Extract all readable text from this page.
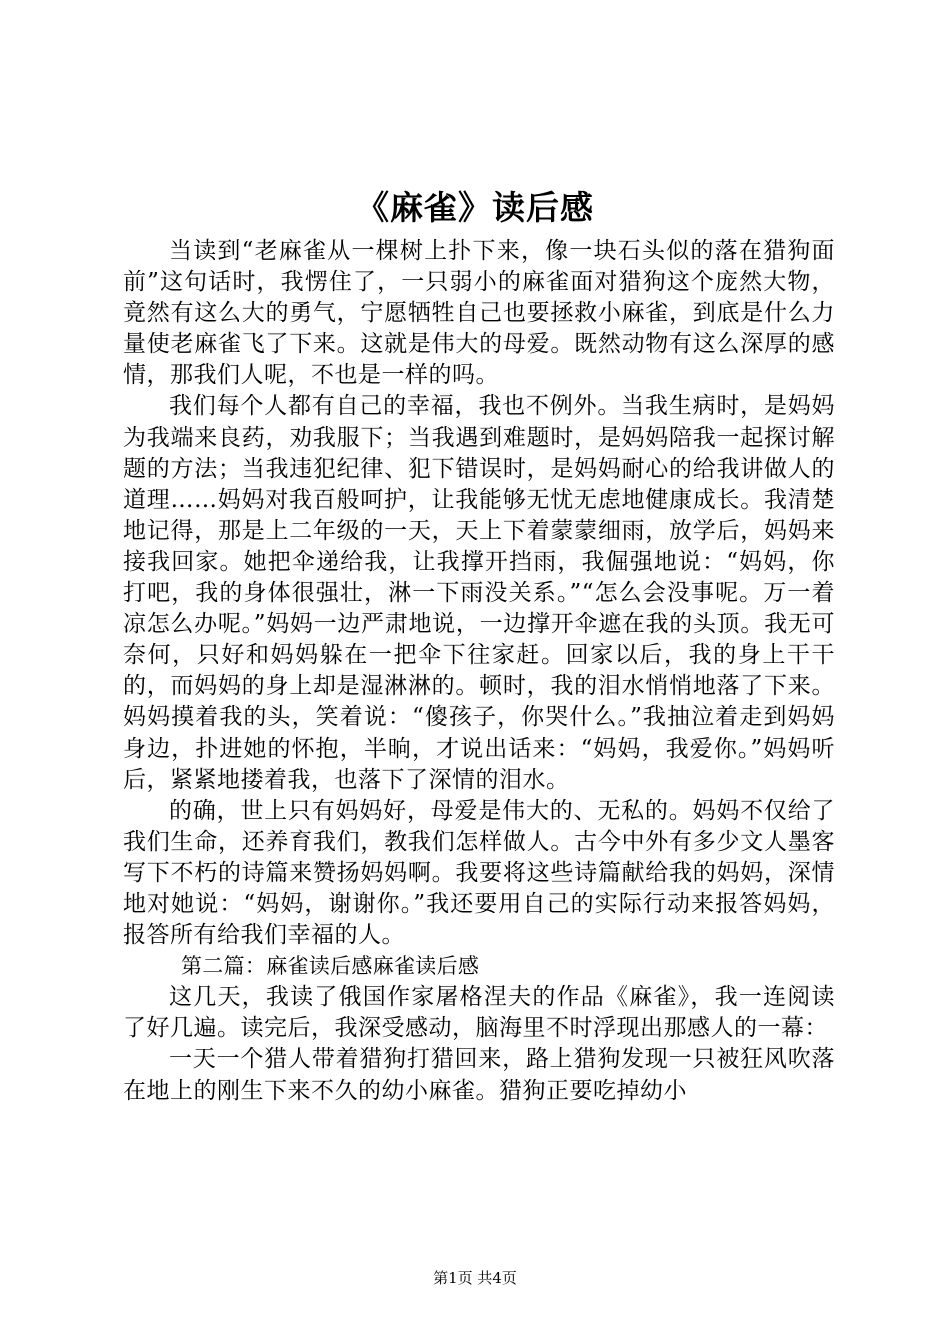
《麻雀》读后感

当读到“老麻雀从一棵树上扑下来，像一块石头似的落在猎狗面前”这句话时，我愣住了，一只弱小的麻雀面对猎狗这个庞然大物，竟然有这么大的勇气，宁愿牺牲自己也要拯救小麻雀，到底是什么力量使老麻雀飞了下来。这就是伟大的母爱。既然动物有这么深厚的感情，那我们人呢，不也是一样的吗。

我们每个人都有自己的幸福，我也不例外。当我生病时，是妈妈为我端来良药，劝我服下；当我遇到难题时，是妈妈陪我一起探讨解题的方法；当我违犯纪律、犯下错误时，是妈妈耐心的给我讲做人的道理……妈妈对我百般呵护，让我能够无忧无虑地健康成长。我清楚地记得，那是上二年级的一天，天上下着蒙蒙细雨，放学后，妈妈来接我回家。她把伞递给我，让我撑开挡雨，我倔强地说：“妈妈，你打吧，我的身体很强壮，淋一下雨没关系。”“怎么会没事呢。万一着凉怎么办呢。”妈妈一边严肃地说，一边撑开伞遮在我的头顶。我无可奈何，只好和妈妈躲在一把伞下往家赶。回家以后，我的身上干干的，而妈妈的身上却是湿淋淋的。顿时，我的泪水悄悄地落了下来。妈妈摸着我的头，笑着说：“傻孩子，你哭什么。”我抽泣着走到妈妈身边，扑进她的怀抱，半晌，才说出话来：“妈妈，我爱你。”妈妈听后，紧紧地搂着我，也落下了深情的泪水。

的确，世上只有妈妈好，母爱是伟大的、无私的。妈妈不仅给了我们生命，还养育我们，教我们怎样做人。古今中外有多少文人墨客写下不朽的诗篇来赞扬妈妈啊。我要将这些诗篇献给我的妈妈，深情地对她说：“妈妈，谢谢你。”我还要用自己的实际行动来报答妈妈，报答所有给我们幸福的人。

第二篇：麻雀读后感麻雀读后感

这几天，我读了俄国作家屠格涅夫的作品《麻雀》，我一连阅读了好几遍。读完后，我深受感动，脑海里不时浮现出那感人的一幕：

一天一个猎人带着猎狗打猎回来，路上猎狗发现一只被狂风吹落在地上的刚生下来不久的幼小麻雀。猎狗正要吃掉幼小

第1页 共4页
